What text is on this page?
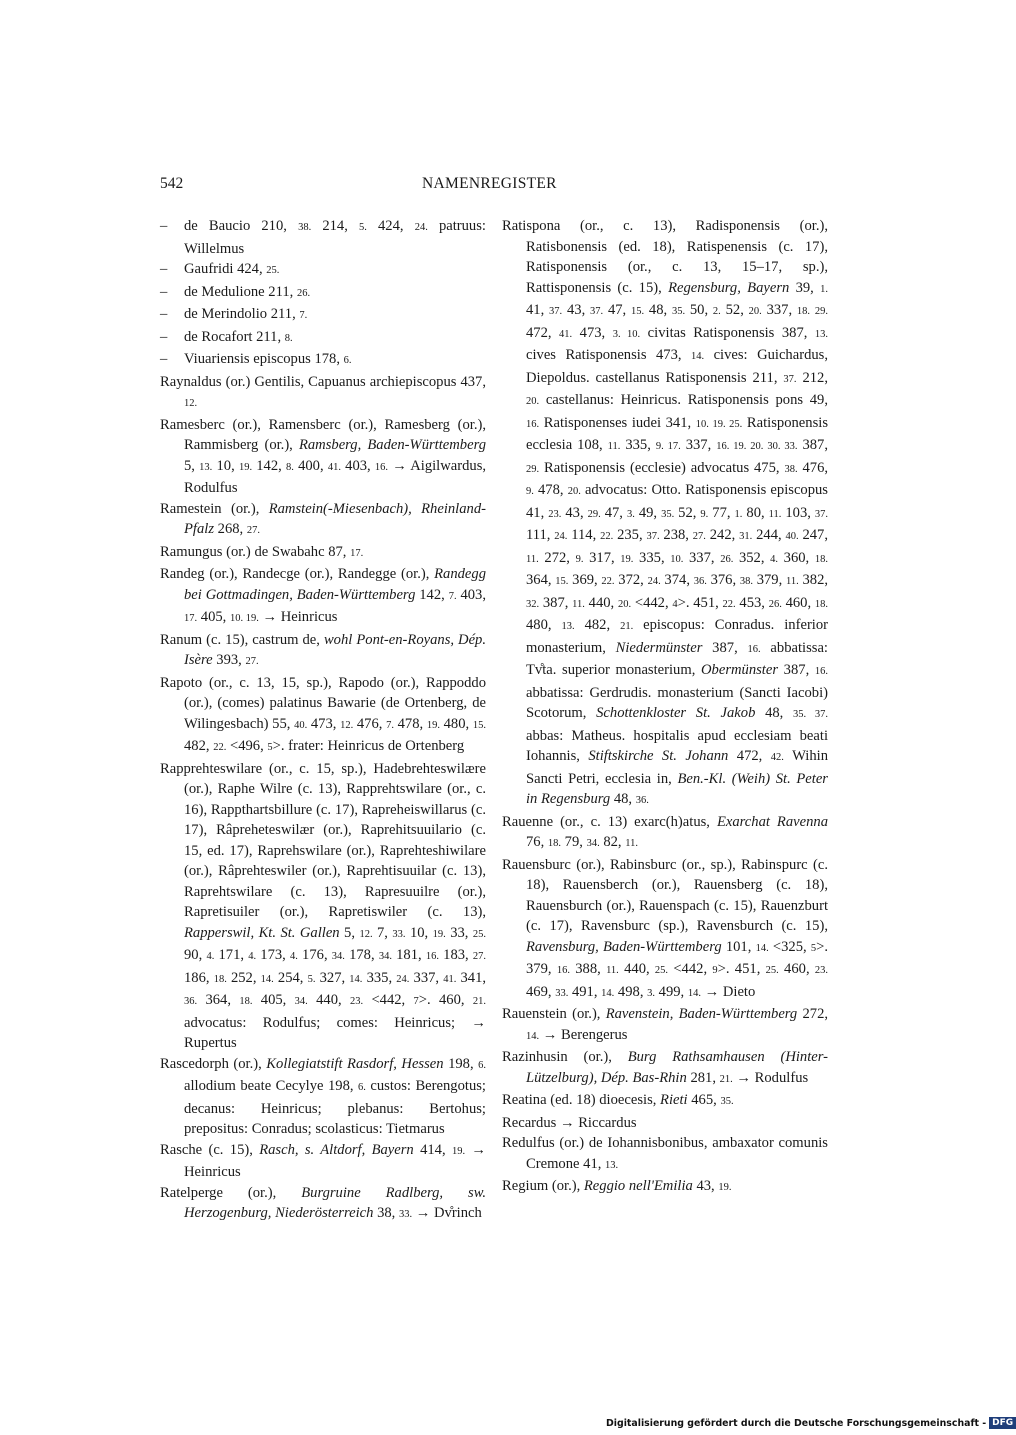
542	NAMENREGISTER
– de Baucio 210, 38. 214, 5. 424, 24. patruus: Willelmus
– Gaufridi 424, 25.
– de Medulione 211, 26.
– de Merindolio 211, 7.
– de Rocafort 211, 8.
– Viuariensis episcopus 178, 6.
Raynaldus (or.) Gentilis, Capuanus archiepiscopus 437, 12.
Ramesberc (or.), Ramensberc (or.), Ramesberg (or.), Rammisberg (or.), Ramsberg, Baden-Württemberg 5, 13. 10, 19. 142, 8. 400, 41. 403, 16. → Aigilwardus, Rodulfus
Ramestein (or.), Ramstein(-Miesenbach), Rheinland-Pfalz 268, 27.
Ramungus (or.) de Swabahc 87, 17.
Randeg (or.), Randecge (or.), Randegge (or.), Randegg bei Gottmadingen, Baden-Württemberg 142, 7. 403, 17. 405, 10. 19. → Heinricus
Ranum (c. 15), castrum de, wohl Pont-en-Royans, Dép. Isère 393, 27.
Rapoto (or., c. 13, 15, sp.), Rapodo (or.), Rappoddo (or.), (comes) palatinus Bawarie (de Ortenberg, de Wilingesbach) 55, 40. 473, 12. 476, 7. 478, 19. 480, 15. 482, 22. <496, 5>. frater: Heinricus de Ortenberg
Rapprehteswilare (or., c. 15, sp.), Hadebrehteswilære (or.), Raphe Wilre (c. 13), Rapprehtswilare (or., c. 16), Rappthartsbillure (c. 17), Rapreheiswillarus (c. 17), Râpreheteswilær (or.), Raprehitsuuilario (c. 15, ed. 17), Raprehswilare (or.), Raprehteshiwilare (or.), Râprehteswiler (or.), Raprehtisuuilar (c. 13), Raprehtswilare (c. 13), Rapresuuilre (or.), Rapretisuiler (or.), Rapretiswiler (c. 13), Rapperswil, Kt. St. Gallen 5, 12. 7, 33. 10, 19. 33, 25. 90, 4. 171, 4. 173, 4. 176, 34. 178, 34. 181, 16. 183, 27. 186, 18. 252, 14. 254, 5. 327, 14. 335, 24. 337, 41. 341, 36. 364, 18. 405, 34. 440, 23. <442, 7>. 460, 21. advocatus: Rodulfus; comes: Heinricus; → Rupertus
Rascedorph (or.), Kollegiatstift Rasdorf, Hessen 198, 6. allodium beate Cecylye 198, 6. custos: Berengotus; decanus: Heinricus; plebanus: Bertohus; prepositus: Conradus; scolasticus: Tietmarus
Rasche (c. 15), Rasch, s. Altdorf, Bayern 414, 19. → Heinricus
Ratelperge (or.), Burgruine Radlberg, sw. Herzogenburg, Niederösterreich 38, 33. → Dv̊rinch
Ratispona (or., c. 13), Radisponensis (or.), Ratisbonensis (ed. 18), Ratispenensis (c. 17), Ratisponensis (or., c. 13, 15–17, sp.), Rattisponensis (c. 15), Regensburg, Bayern 39, 1. 41, 37. 43, 37. 47, 15. 48, 35. 50, 2. 52, 20. 337, 18. 29. 472, 41. 473, 3. 10. civitas Ratisponensis 387, 13. cives Ratisponensis 473, 14. cives: Guichardus, Diepoldus. castellanus Ratisponensis 211, 37. 212, 20. castellanus: Heinricus. Ratisponensis pons 49, 16. Ratisponenses iudei 341, 10. 19. 25. Ratisponensis ecclesia 108, 11. 335, 9. 17. 337, 16. 19. 20. 30. 33. 387, 29. Ratisponensis (ecclesie) advocatus 475, 38. 476, 9. 478, 20. advocatus: Otto. Ratisponensis episcopus 41, 23. 43, 29. 47, 3. 49, 35. 52, 9. 77, 1. 80, 11. 103, 37. 111, 24. 114, 22. 235, 37. 238, 27. 242, 31. 244, 40. 247, 11. 272, 9. 317, 19. 335, 10. 337, 26. 352, 4. 360, 18. 364, 15. 369, 22. 372, 24. 374, 36. 376, 38. 379, 11. 382, 32. 387, 11. 440, 20. <442, 4>. 451, 22. 453, 26. 460, 18. 480, 13. 482, 21. episcopus: Conradus. inferior monasterium, Niedermünster 387, 16. abbatissa: Tv̊ta. superior monasterium, Obermünster 387, 16. abbatissa: Gerdrudis. monasterium (Sancti Iacobi) Scotorum, Schottenkloster St. Jakob 48, 35. 37. abbas: Matheus. hospitalis apud ecclesiam beati Iohannis, Stiftskirche St. Johann 472, 42. Wihin Sancti Petri, ecclesia in, Ben.-Kl. (Weih) St. Peter in Regensburg 48, 36.
Rauenne (or., c. 13) exarc(h)atus, Exarchat Ravenna 76, 18. 79, 34. 82, 11.
Rauensburc (or.), Rabinsburc (or., sp.), Rabinspurc (c. 18), Rauensberch (or.), Rauensberg (c. 18), Rauensburch (or.), Rauenspach (c. 15), Rauenzburt (c. 17), Ravensburc (sp.), Ravensburch (c. 15), Ravensburg, Baden-Württemberg 101, 14. <325, 5>. 379, 16. 388, 11. 440, 25. <442, 9>. 451, 25. 460, 23. 469, 33. 491, 14. 498, 3. 499, 14. → Dieto
Rauenstein (or.), Ravenstein, Baden-Württemberg 272, 14. → Berengerus
Razinhusin (or.), Burg Rathsamhausen (Hinter-Lützelburg), Dép. Bas-Rhin 281, 21. → Rodulfus
Reatina (ed. 18) dioecesis, Rieti 465, 35.
Recardus → Riccardus
Redulfus (or.) de Iohannisbonibus, ambaxator comunis Cremone 41, 13.
Regium (or.), Reggio nell'Emilia 43, 19.
Digitalisierung gefördert durch die Deutsche Forschungsgemeinschaft - DFG
